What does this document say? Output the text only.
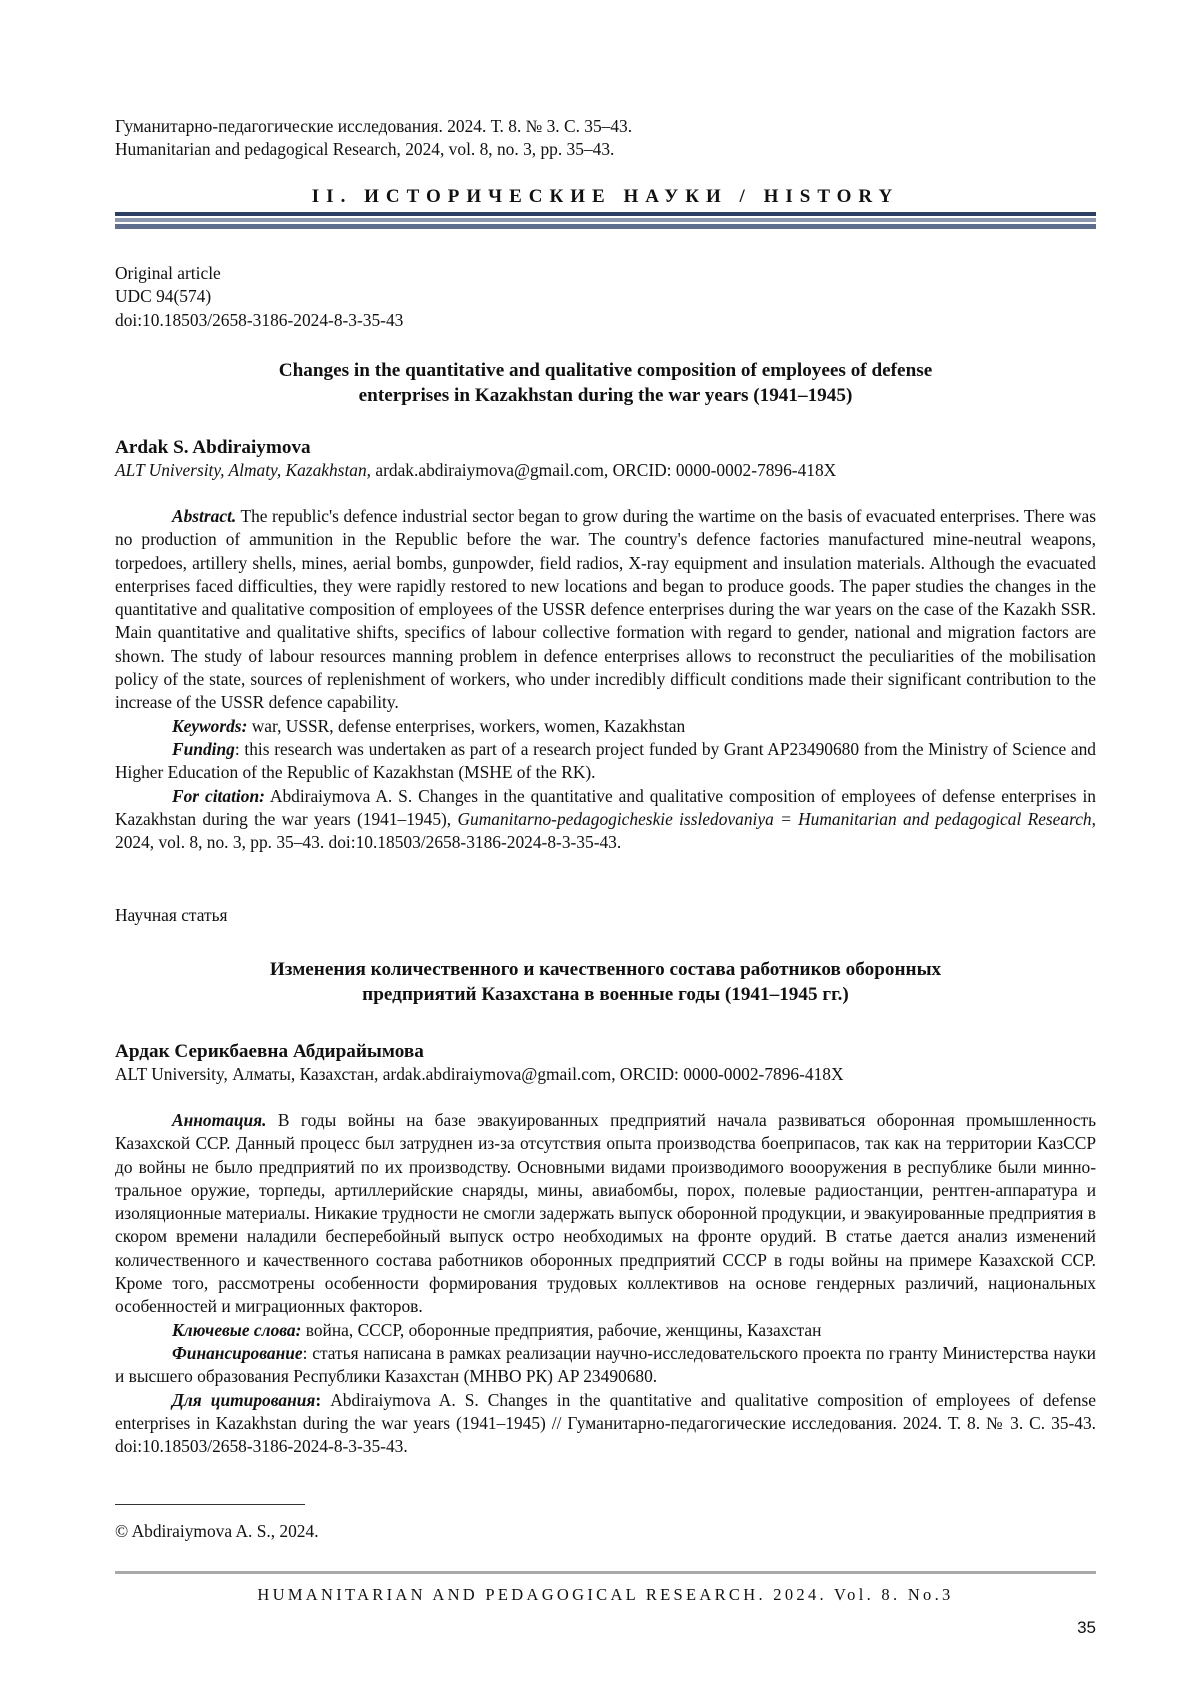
Гуманитарно-педагогические исследования. 2024. Т. 8. № 3. С. 35–43.
Humanitarian and pedagogical Research, 2024, vol. 8, no. 3, pp. 35–43.
II. ИСТОРИЧЕСКИЕ НАУКИ / HISTORY
Original article
UDC 94(574)
doi:10.18503/2658-3186-2024-8-3-35-43
Changes in the quantitative and qualitative composition of employees of defense
enterprises in Kazakhstan during the war years (1941–1945)
Ardak S. Abdiraiymova
ALT University, Almaty, Kazakhstan, ardak.abdiraiymova@gmail.com, ORCID: 0000-0002-7896-418X

Abstract. The republic's defence industrial sector began to grow during the wartime on the basis of evacuated enterprises. There was no production of ammunition in the Republic before the war. The country's defence factories manufactured mine-neutral weapons, torpedoes, artillery shells, mines, aerial bombs, gunpowder, field radios, X-ray equipment and insulation materials. Although the evacuated enterprises faced difficulties, they were rapidly restored to new locations and began to produce goods. The paper studies the changes in the quantitative and qualitative composition of employees of the USSR defence enterprises during the war years on the case of the Kazakh SSR. Main quantitative and qualitative shifts, specifics of labour collective formation with regard to gender, national and migration factors are shown. The study of labour resources manning problem in defence enterprises allows to reconstruct the peculiarities of the mobilisation policy of the state, sources of replenishment of workers, who under incredibly difficult conditions made their significant contribution to the increase of the USSR defence capability.

Keywords: war, USSR, defense enterprises, workers, women, Kazakhstan

Funding: this research was undertaken as part of a research project funded by Grant AP23490680 from the Ministry of Science and Higher Education of the Republic of Kazakhstan (MSHE of the RK).

For citation: Abdiraiymova A. S. Changes in the quantitative and qualitative composition of employees of defense enterprises in Kazakhstan during the war years (1941–1945), Gumanitarno-pedagogicheskie issledovaniya = Humanitarian and pedagogical Research, 2024, vol. 8, no. 3, pp. 35–43. doi:10.18503/2658-3186-2024-8-3-35-43.

Научная статья
Изменения количественного и качественного состава работников оборонных
предприятий Казахстана в военные годы (1941–1945 гг.)
Ардак Серикбаевна Абдирайымова
ALT University, Алматы, Казахстан, ardak.abdiraiymova@gmail.com, ORCID: 0000-0002-7896-418X

Аннотация. В годы войны на базе эвакуированных предприятий начала развиваться оборонная промышленность Казахской ССР. Данный процесс был затруднен из-за отсутствия опыта производства боеприпасов, так как на территории КазССР до войны не было предприятий по их производству. Основными видами производимого воооружения в республике были минно-тральное оружие, торпеды, артиллерийские снаряды, мины, авиабомбы, порох, полевые радиостанции, рентген-аппаратура и изоляционные материалы. Никакие трудности не смогли задержать выпуск оборонной продукции, и эвакуированные предприятия в скором времени наладили бесперебойный выпуск остро необходимых на фронте орудий. В статье дается анализ изменений количественного и качественного состава работников оборонных предприятий СССР в годы войны на примере Казахской ССР. Кроме того, рассмотрены особенности формирования трудовых коллективов на основе гендерных различий, национальных особенностей и миграционных факторов.

Ключевые слова: война, СССР, оборонные предприятия, рабочие, женщины, Казахстан

Финансирование: статья написана в рамках реализации научно-исследовательского проекта по гранту Министерства науки и высшего образования Республики Казахстан (МНВО РК) AP 23490680.

Для цитирования: Abdiraiymova A. S. Changes in the quantitative and qualitative composition of employees of defense enterprises in Kazakhstan during the war years (1941–1945) // Гуманитарно-педагогические исследования. 2024. Т. 8. № 3. С. 35-43. doi:10.18503/2658-3186-2024-8-3-35-43.

© Abdiraiymova A. S., 2024.
HUMANITARIAN AND PEDAGOGICAL RESEARCH. 2024. Vol. 8. No.3
35
